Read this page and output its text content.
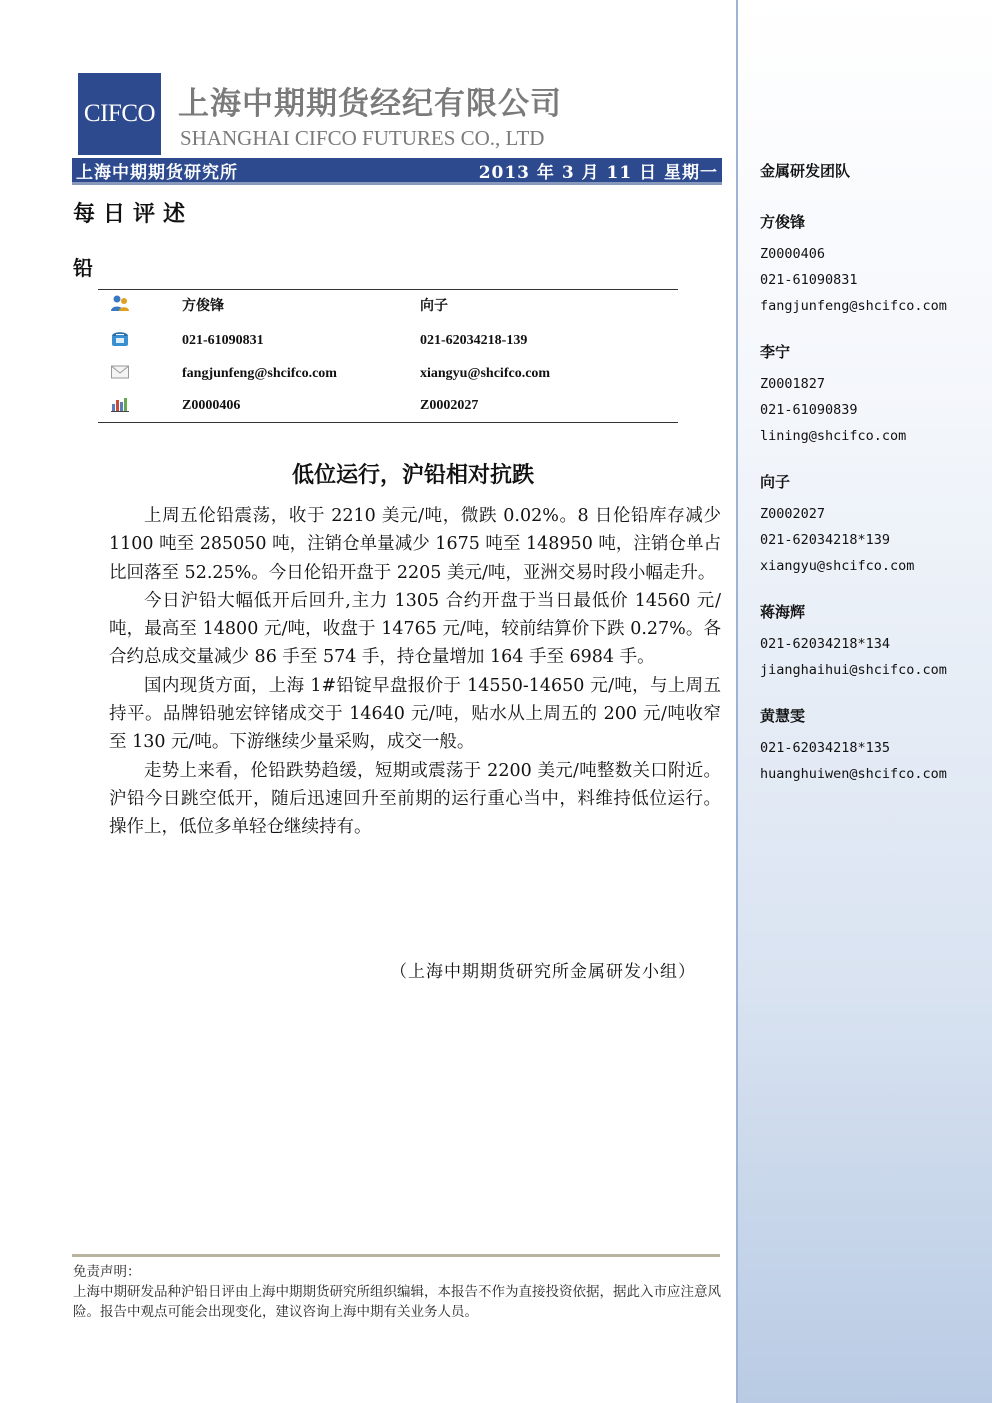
CIFCO 上海中期期货经纪有限公司
SHANGHAI CIFCO FUTURES CO., LTD
上海中期期货研究所	2013 年 3 月 11 日 星期一
每日评述
铅
方俊锋	向子
021-61090831	021-62034218-139
fangjunfeng@shcifco.com	xiangyu@shcifco.com
Z0000406	Z0002027
低位运行，沪铅相对抗跌

上周五伦铅震荡，收于 2210 美元/吨，微跌 0.02%。8 日伦铅库存减少 1100 吨至 285050 吨，注销仓单量减少 1675 吨至 148950 吨，注销仓单占比回落至 52.25%。今日伦铅开盘于 2205 美元/吨，亚洲交易时段小幅走升。

今日沪铅大幅低开后回升,主力 1305 合约开盘于当日最低价 14560 元/吨，最高至 14800 元/吨，收盘于 14765 元/吨，较前结算价下跌 0.27%。各合约总成交量减少 86 手至 574 手，持仓量增加 164 手至 6984 手。

国内现货方面，上海 1#铅锭早盘报价于 14550-14650 元/吨，与上周五持平。品牌铅驰宏锌锗成交于 14640 元/吨，贴水从上周五的 200 元/吨收窄至 130 元/吨。下游继续少量采购，成交一般。

走势上来看，伦铅跌势趋缓，短期或震荡于 2200 美元/吨整数关口附近。沪铅今日跳空低开，随后迅速回升至前期的运行重心当中，料维持低位运行。操作上，低位多单轻仓继续持有。

（上海中期期货研究所金属研发小组）
免责声明：
上海中期研发品种沪铅日评由上海中期期货研究所组织编辑，本报告不作为直接投资依据，据此入市应注意风险。报告中观点可能会出现变化，建议咨询上海中期有关业务人员。
金属研发团队
方俊锋
Z0000406
021-61090831
fangjunfeng@shcifco.com
李宁
Z0001827
021-61090839
lining@shcifco.com
向子
Z0002027
021-62034218*139
xiangyu@shcifco.com
蒋海辉
021-62034218*134
jianghaihui@shcifco.com
黄慧雯
021-62034218*135
huanghuiwen@shcifco.com
